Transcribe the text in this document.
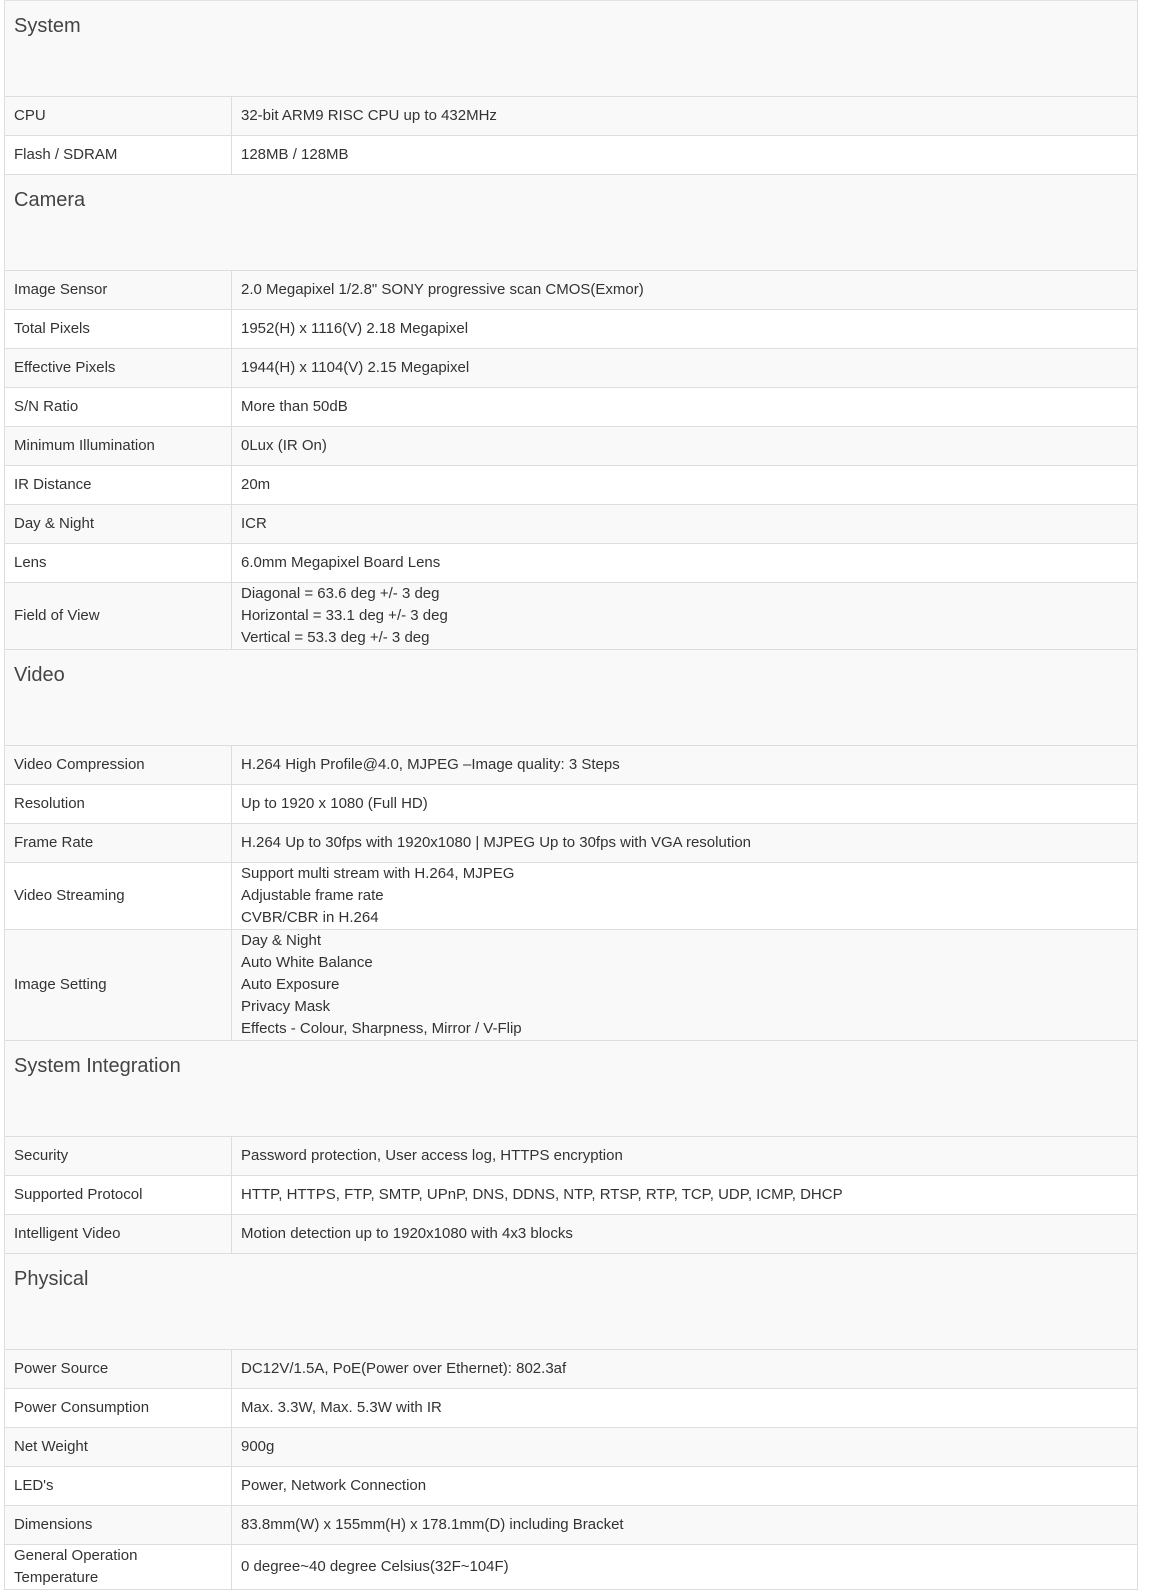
System	
CPU	32-bit ARM9 RISC CPU up to 432MHz

Flash / SDRAM	128MB / 128MB

Camera	
Image Sensor	2.0 Megapixel 1/2.8" SONY progressive scan CMOS(Exmor)

Total Pixels	1952(H) x 1116(V) 2.18 Megapixel

Effective Pixels	1944(H) x 1104(V) 2.15 Megapixel

S/N Ratio	More than 50dB

Minimum Illumination	0Lux (IR On)

IR Distance	20m

Day & Night	ICR

Lens	6.0mm Megapixel Board Lens

Field of View	Diagonal = 63.6 deg +/- 3 deg
Horizontal = 33.1 deg +/- 3 deg
Vertical = 53.3 deg +/- 3 deg

Video	
Video Compression	H.264 High Profile@4.0, MJPEG –Image quality: 3 Steps

Resolution	Up to 1920 x 1080 (Full HD)

Frame Rate	H.264 Up to 30fps with 1920x1080 | MJPEG Up to 30fps with VGA resolution

Video Streaming	Support multi stream with H.264, MJPEG
Adjustable frame rate
CVBR/CBR in H.264

Image Setting	Day & Night
Auto White Balance
Auto Exposure
Privacy Mask
Effects - Colour, Sharpness, Mirror / V-Flip

System Integration	
Security	Password protection, User access log, HTTPS encryption

Supported Protocol	HTTP, HTTPS, FTP, SMTP, UPnP, DNS, DDNS, NTP, RTSP, RTP, TCP, UDP, ICMP, DHCP

Intelligent Video	Motion detection up to 1920x1080 with 4x3 blocks

Physical	
Power Source	DC12V/1.5A, PoE(Power over Ethernet): 802.3af

Power Consumption	Max. 3.3W, Max. 5.3W with IR

Net Weight	900g

LED's	Power, Network Connection

Dimensions	83.8mm(W) x 155mm(H) x 178.1mm(D) including Bracket

General Operation Temperature	0 degree~40 degree Celsius(32F~104F)
